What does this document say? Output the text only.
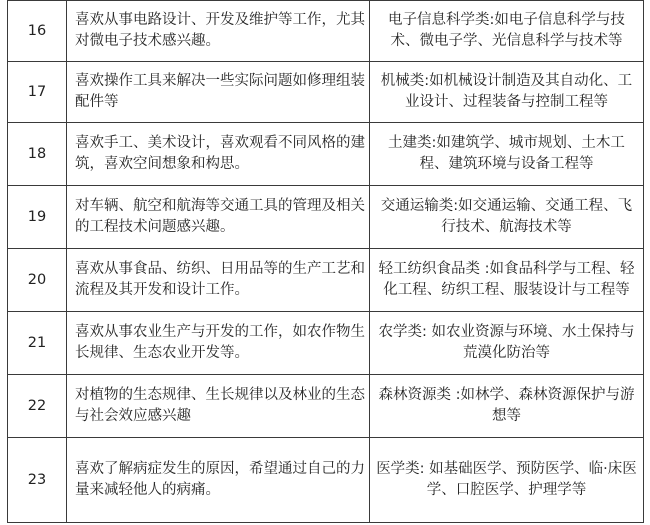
16	喜欢从事电路设计、开发及维护等工作，尤其对微电子技术感兴趣。	电子信息科学类:如电子信息科学与技术、微电子学、光信息科学与技术等

17	喜欢操作工具来解决一些实际问题如修理组装配件等	机械类:如机械设计制造及其自动化、工业设计、过程装备与控制工程等

18	喜欢手工、美术设计，喜欢观看不同风格的建筑，喜欢空间想象和构思。	土建类:如建筑学、城市规划、土木工程、建筑环境与设备工程等

19	对车辆、航空和航海等交通工具的管理及相关的工程技术问题感兴趣。	交通运输类:如交通运输、交通工程、飞行技术、航海技术等

20	喜欢从事食品、纺织、日用品等的生产工艺和流程及其开发和设计工作。	轻工纺织食品类 :如食品科学与工程、轻化工程、纺织工程、服装设计与工程等

21	喜欢从事农业生产与开发的工作，如农作物生长规律、生态农业开发等。	农学类: 如农业资源与环境、水土保持与荒漠化防治等

22	对植物的生态规律、生长规律以及林业的生态与社会效应感兴趣	森林资源类 :如林学、森林资源保护与游想等

23	喜欢了解病症发生的原因，希望通过自己的力量来减轻他人的病痛。	医学类: 如基础医学、预防医学、临·床医学、口腔医学、护理学等
